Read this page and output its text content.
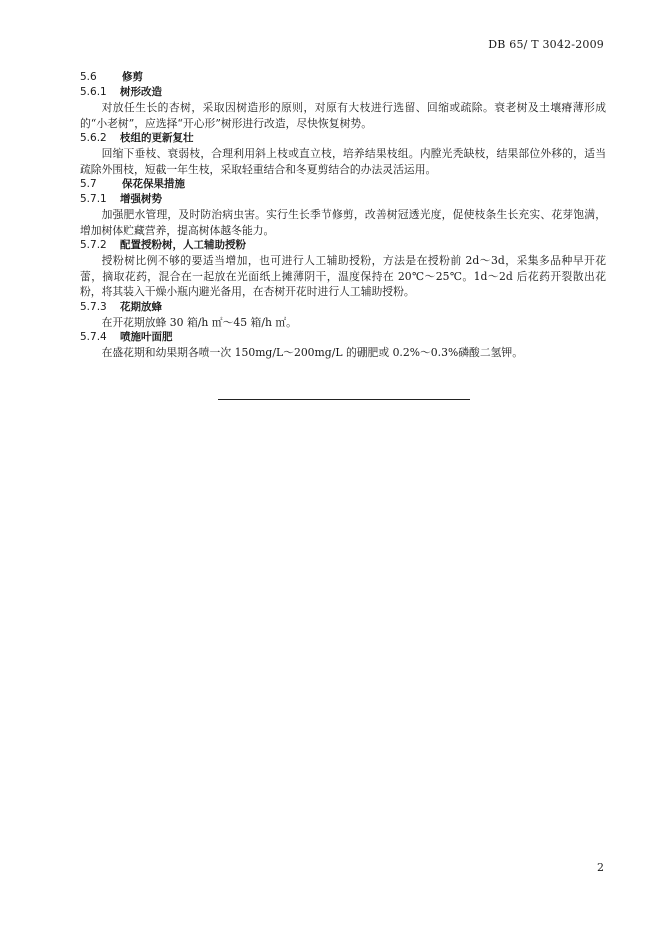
DB 65/ T 3042-2009
5.6 修剪
5.6.1 树形改造

对放任生长的杏树，采取因树造形的原则，对原有大枝进行选留、回缩或疏除。衰老树及土壤瘠薄形成的“小老树”，应选择“开心形”树形进行改造，尽快恢复树势。

5.6.2 枝组的更新复壮

回缩下垂枝、衰弱枝，合理利用斜上枝或直立枝，培养结果枝组。内膛光秃缺枝，结果部位外移的，适当疏除外围枝，短截一年生枝，采取轻重结合和冬夏剪结合的办法灵活运用。

5.7 保花保果措施
5.7.1 增强树势

加强肥水管理，及时防治病虫害。实行生长季节修剪，改善树冠透光度，促使枝条生长充实、花芽饱满，增加树体贮藏营养，提高树体越冬能力。

5.7.2 配置授粉树，人工辅助授粉

授粉树比例不够的要适当增加，也可进行人工辅助授粉，方法是在授粉前 2d～3d，采集多品种早开花蕾，摘取花药，混合在一起放在光面纸上摊薄阴干，温度保持在 20℃～25℃。1d～2d 后花药开裂散出花粉，将其装入干燥小瓶内避光备用，在杏树开花时进行人工辅助授粉。

5.7.3 花期放蜂

在开花期放蜂 30 箱/h ㎡～45 箱/h ㎡。

5.7.4 喷施叶面肥

在盛花期和幼果期各喷一次 150mg/L～200mg/L 的硼肥或 0.2%～0.3%磷酸二氢钾。

2
